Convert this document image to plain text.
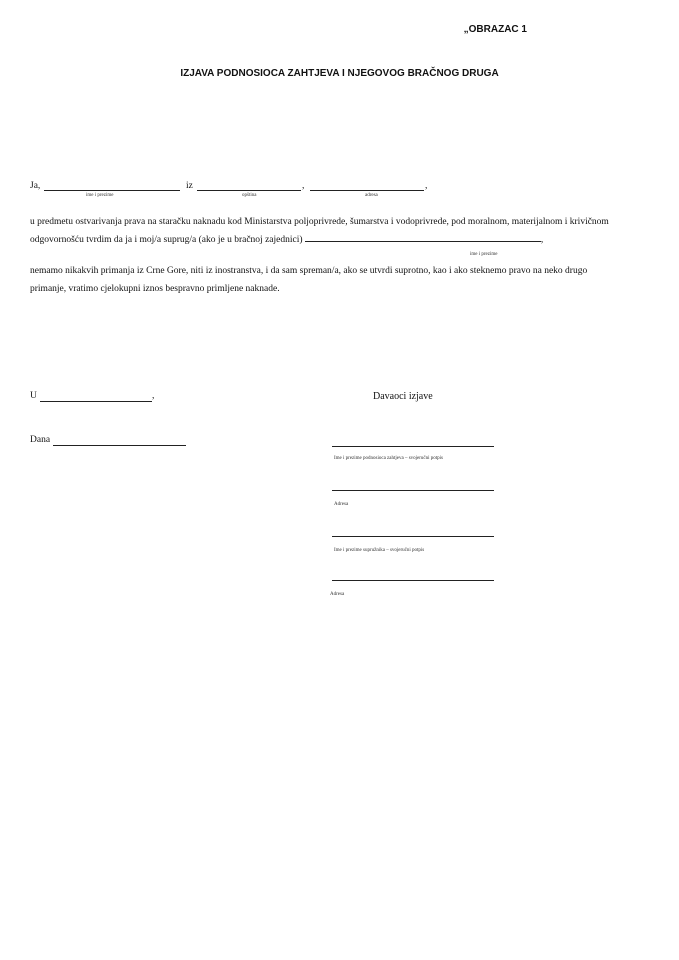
„OBRAZAC 1
IZJAVA PODNOSIOCA ZAHTJEVA I NJEGOVOG BRAČNOG DRUGA
Ja,
ime i prezime
iz	,
opština
,
adresa
u predmetu ostvarivanja prava na staračku naknadu kod Ministarstva poljoprivrede, šumarstva i vodoprivrede, pod moralnom, materijalnom i krivičnom odgovornošću tvrdim da ja i moj/a suprug/a (ako je u bračnoj zajednici)	,
ime i prezime
nemamo nikakvih primanja iz Crne Gore, niti iz inostranstva, i da sam spreman/a, ako se utvrdi suprotno, kao i ako steknemo pravo na neko drugo primanje, vratimo cjelokupni iznos bespravno primljene naknade.
U	,	Davaoci izjave
Dana
Ime i prezime podnosioca zahtjeva – svojeručni potpis
Adresa
Ime i prezime supružnika – svojeručni potpis
Adresa
